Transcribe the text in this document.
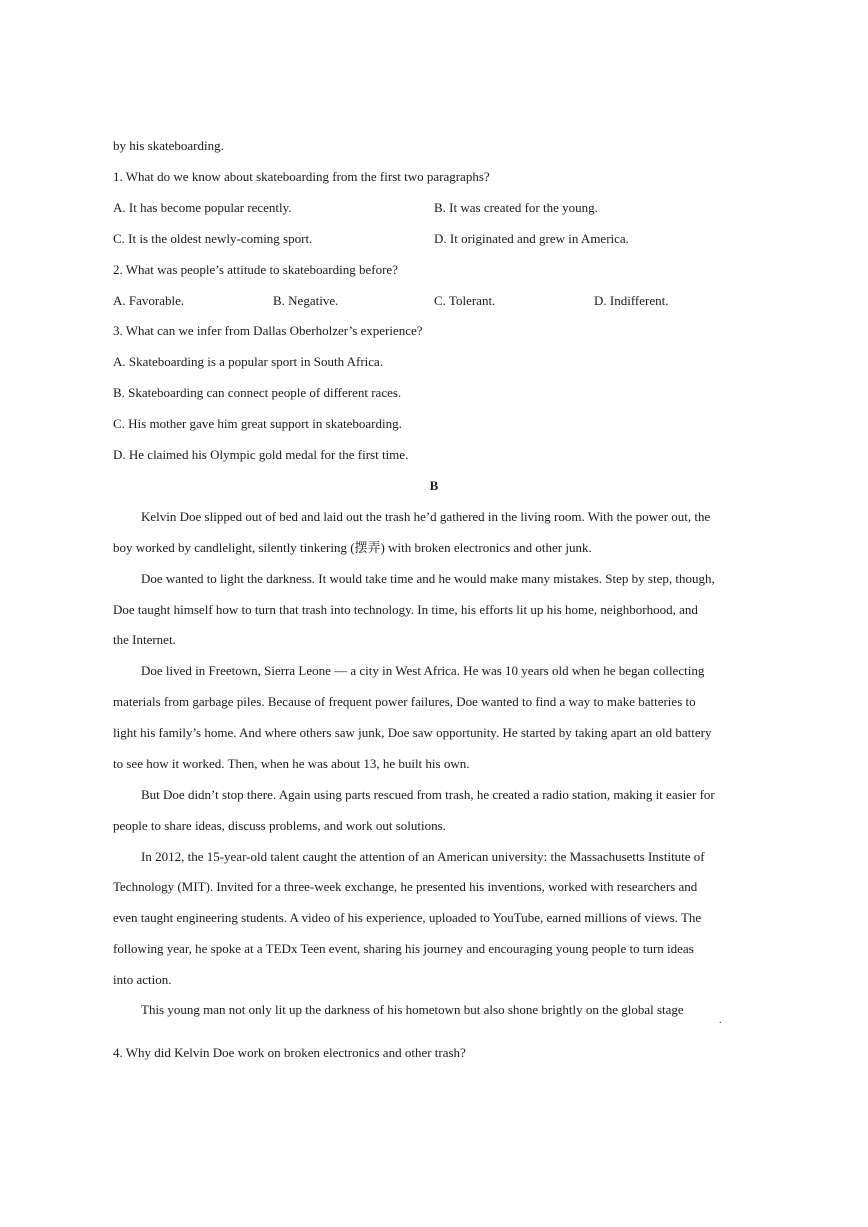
by his skateboarding.
1. What do we know about skateboarding from the first two paragraphs?
A. It has become popular recently.	B. It was created for the young.
C. It is the oldest newly-coming sport.	D. It originated and grew in America.
2. What was people’s attitude to skateboarding before?
A. Favorable.	B. Negative.	C. Tolerant.	D. Indifferent.
3. What can we infer from Dallas Oberholzer’s experience?
A. Skateboarding is a popular sport in South Africa.
B. Skateboarding can connect people of different races.
C. His mother gave him great support in skateboarding.
D. He claimed his Olympic gold medal for the first time.
B
Kelvin Doe slipped out of bed and laid out the trash he’d gathered in the living room. With the power out, the
boy worked by candlelight, silently tinkering (摆弄) with broken electronics and other junk.
Doe wanted to light the darkness. It would take time and he would make many mistakes. Step by step, though,
Doe taught himself how to turn that trash into technology. In time, his efforts lit up his home, neighborhood, and
the Internet.
Doe lived in Freetown, Sierra Leone — a city in West Africa. He was 10 years old when he began collecting
materials from garbage piles. Because of frequent power failures, Doe wanted to find a way to make batteries to
light his family’s home. And where others saw junk, Doe saw opportunity. He started by taking apart an old battery
to see how it worked. Then, when he was about 13, he built his own.
But Doe didn’t stop there. Again using parts rescued from trash, he created a radio station, making it easier for
people to share ideas, discuss problems, and work out solutions.
In 2012, the 15-year-old talent caught the attention of an American university: the Massachusetts Institute of
Technology (MIT). Invited for a three-week exchange, he presented his inventions, worked with researchers and
even taught engineering students. A video of his experience, uploaded to YouTube, earned millions of views. The
following year, he spoke at a TEDx Teen event, sharing his journey and encouraging young people to turn ideas
into action.
This young man not only lit up the darkness of his hometown but also shone brightly on the global stage
.
4. Why did Kelvin Doe work on broken electronics and other trash?
